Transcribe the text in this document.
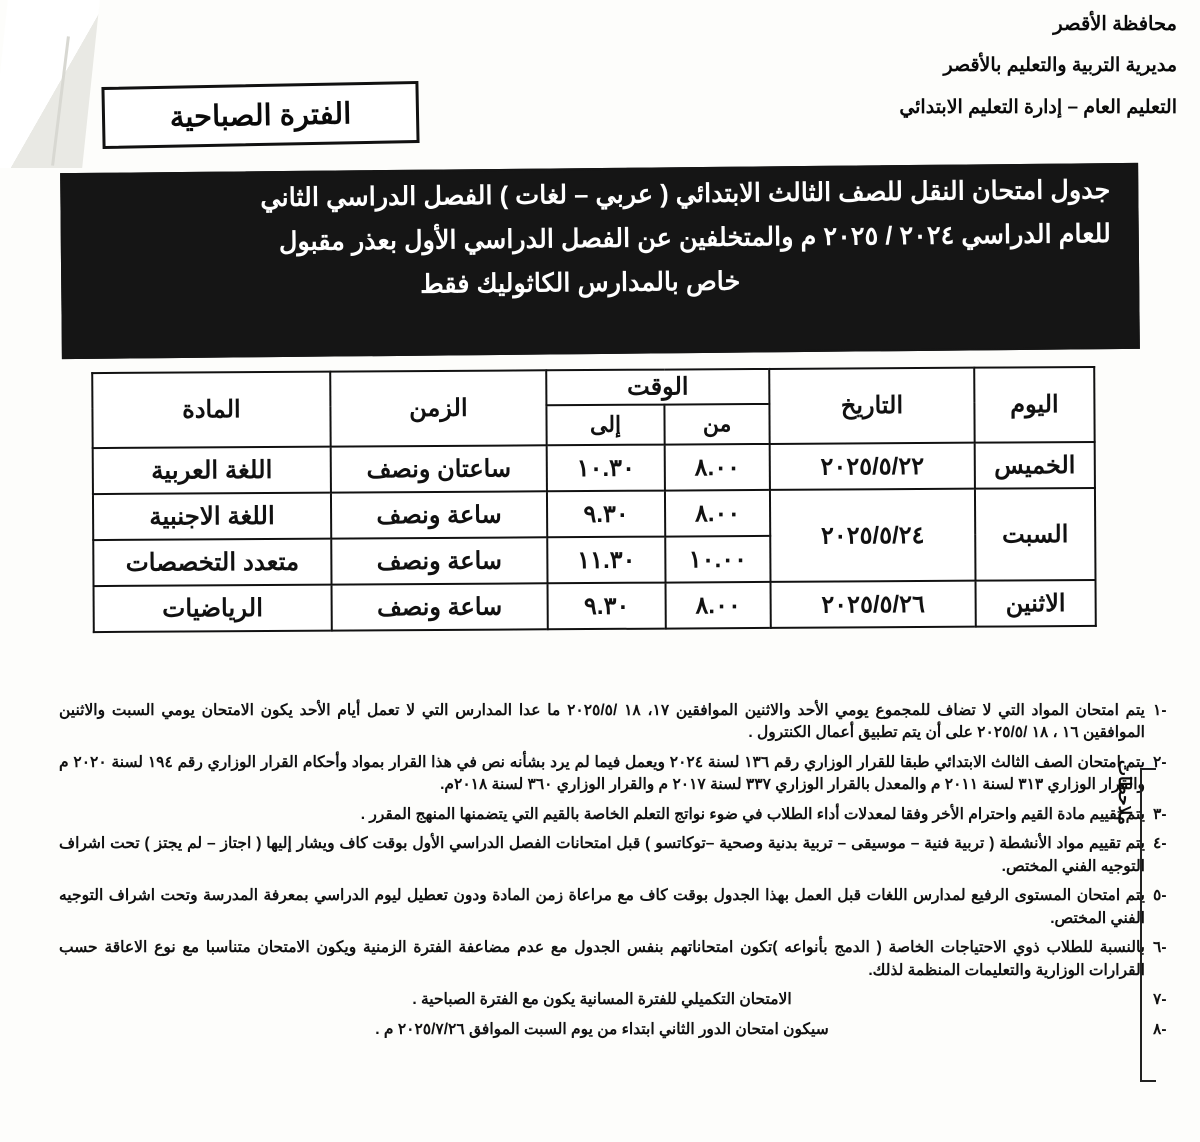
محافظة الأقصر
مديرية التربية والتعليم بالأقصر
التعليم العام – إدارة التعليم الابتدائي
الفترة الصباحية

جدول امتحان النقل للصف الثالث الابتدائي ( عربي – لغات ) الفصل الدراسي الثاني

للعام الدراسي ٢٠٢٤ / ٢٠٢٥ م والمتخلفين عن الفصل الدراسي الأول بعذر مقبول

خاص بالمدارس الكاثوليك فقط

اليوم	التاريخ	الوقت		الزمن	المادة
		من	إلى		
الخميس	٢٠٢٥/٥/٢٢	٨.٠٠	١٠.٣٠	ساعتان ونصف	اللغة العربية
السبت	٢٠٢٥/٥/٢٤	٨.٠٠	٩.٣٠	ساعة ونصف	اللغة الاجنبية
		١٠.٠٠	١١.٣٠	ساعة ونصف	متعدد التخصصات
الاثنين	٢٠٢٥/٥/٢٦	٨.٠٠	٩.٣٠	ساعة ونصف	الرياضيات
١-
يتم امتحان المواد التي لا تضاف للمجموع يومي الأحد والاثنين الموافقين ١٧، ١٨ /٢٠٢٥/٥ ما عدا المدارس التي لا تعمل أيام الأحد يكون الامتحان يومي السبت والاثنين الموافقين ١٦ ، ١٨ /٢٠٢٥/٥ على أن يتم تطبيق أعمال الكنترول .
٢-
يتم امتحان الصف الثالث الابتدائي طبقا للقرار الوزاري رقم ١٣٦ لسنة ٢٠٢٤ ويعمل فيما لم يرد بشأنه نص في هذا القرار بمواد وأحكام القرار الوزاري رقم ١٩٤ لسنة ٢٠٢٠ م والقرار الوزاري ٣١٣ لسنة ٢٠١١ م والمعدل بالقرار الوزاري ٣٣٧ لسنة ٢٠١٧ م والقرار الوزاري ٣٦٠ لسنة ٢٠١٨م.
٣-
يتم تقييم مادة القيم واحترام الأخر وفقا لمعدلات أداء الطلاب في ضوء نواتج التعلم الخاصة بالقيم التي يتضمنها المنهج المقرر .
٤-
يتم تقييم مواد الأنشطة ( تربية فنية – موسيقى – تربية بدنية وصحية –توكاتسو ) قبل امتحانات الفصل الدراسي الأول بوقت كاف ويشار إليها ( اجتاز – لم يجتز ) تحت اشراف التوجيه الفني المختص.
٥-
يتم امتحان المستوى الرفيع لمدارس اللغات قبل العمل بهذا الجدول بوقت كاف مع مراعاة زمن المادة ودون تعطيل ليوم الدراسي بمعرفة المدرسة وتحت اشراف التوجيه الفني المختص.
٦-
بالنسبة للطلاب ذوي الاحتياجات الخاصة ( الدمج بأنواعه )تكون امتحاناتهم بنفس الجدول مع عدم مضاعفة الفترة الزمنية ويكون الامتحان متناسبا مع نوع الاعاقة حسب القرارات الوزارية والتعليمات المنظمة لذلك.
٧-
الامتحان التكميلي للفترة المسانية يكون مع الفترة الصباحية .
٨-
سيكون امتحان الدور الثاني ابتداء من يوم السبت الموافق ٢٠٢٥/٧/٢٦ م .
ملاحظات
